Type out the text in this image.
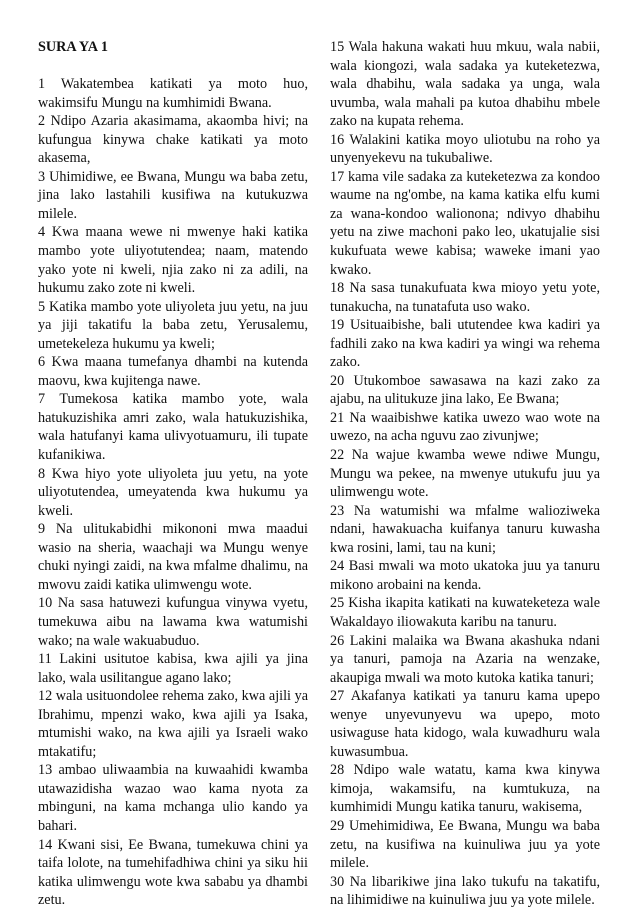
SURA YA 1

1 Wakatembea katikati ya moto huo, wakimsifu Mungu na kumhimidi Bwana.

2 Ndipo Azaria akasimama, akaomba hivi; na kufungua kinywa chake katikati ya moto akasema,

3 Uhimidiwe, ee Bwana, Mungu wa baba zetu, jina lako lastahili kusifiwa na kutukuzwa milele.

4 Kwa maana wewe ni mwenye haki katika mambo yote uliyotutendea; naam, matendo yako yote ni kweli, njia zako ni za adili, na hukumu zako zote ni kweli.

5 Katika mambo yote uliyoleta juu yetu, na juu ya jiji takatifu la baba zetu, Yerusalemu, umetekeleza hukumu ya kweli;

6 Kwa maana tumefanya dhambi na kutenda maovu, kwa kujitenga nawe.

7 Tumekosa katika mambo yote, wala hatukuzishika amri zako, wala hatukuzishika, wala hatufanyi kama ulivyotuamuru, ili tupate kufanikiwa.

8 Kwa hiyo yote uliyoleta juu yetu, na yote uliyotutendea, umeyatenda kwa hukumu ya kweli.

9 Na ulitukabidhi mikononi mwa maadui wasio na sheria, waachaji wa Mungu wenye chuki nyingi zaidi, na kwa mfalme dhalimu, na mwovu zaidi katika ulimwengu wote.

10 Na sasa hatuwezi kufungua vinywa vyetu, tumekuwa aibu na lawama kwa watumishi wako; na wale wakuabuduo.

11 Lakini usitutoe kabisa, kwa ajili ya jina lako, wala usilitangue agano lako;

12 wala usituondolee rehema zako, kwa ajili ya Ibrahimu, mpenzi wako, kwa ajili ya Isaka, mtumishi wako, na kwa ajili ya Israeli wako mtakatifu;

13 ambao uliwaambia na kuwaahidi kwamba utawazidisha wazao wao kama nyota za mbinguni, na kama mchanga ulio kando ya bahari.

14 Kwani sisi, Ee Bwana, tumekuwa chini ya taifa lolote, na tumehifadhiwa chini ya siku hii katika ulimwengu wote kwa sababu ya dhambi zetu.

15 Wala hakuna wakati huu mkuu, wala nabii, wala kiongozi, wala sadaka ya kuteketezwa, wala dhabihu, wala sadaka ya unga, wala uvumba, wala mahali pa kutoa dhabihu mbele zako na kupata rehema.

16 Walakini katika moyo uliotubu na roho ya unyenyekevu na tukubaliwe.

17 kama vile sadaka za kuteketezwa za kondoo waume na ng'ombe, na kama katika elfu kumi za wana-kondoo walionona; ndivyo dhabihu yetu na ziwe machoni pako leo, ukatujalie sisi kukufuata wewe kabisa; waweke imani yao kwako.

18 Na sasa tunakufuata kwa mioyo yetu yote, tunakucha, na tunatafuta uso wako.

19 Usituaibishe, bali ututendee kwa kadiri ya fadhili zako na kwa kadiri ya wingi wa rehema zako.

20 Utukomboe sawasawa na kazi zako za ajabu, na ulitukuze jina lako, Ee Bwana;

21 Na waaibishwe katika uwezo wao wote na uwezo, na acha nguvu zao zivunjwe;

22 Na wajue kwamba wewe ndiwe Mungu, Mungu wa pekee, na mwenye utukufu juu ya ulimwengu wote.

23 Na watumishi wa mfalme walioziweka ndani, hawakuacha kuifanya tanuru kuwasha kwa rosini, lami, tau na kuni;

24 Basi mwali wa moto ukatoka juu ya tanuru mikono arobaini na kenda.

25 Kisha ikapita katikati na kuwateketeza wale Wakaldayo iliowakuta karibu na tanuru.

26 Lakini malaika wa Bwana akashuka ndani ya tanuri, pamoja na Azaria na wenzake, akaupiga mwali wa moto kutoka katika tanuri;

27 Akafanya katikati ya tanuru kama upepo wenye unyevunyevu wa upepo, moto usiwaguse hata kidogo, wala kuwadhuru wala kuwasumbua.

28 Ndipo wale watatu, kama kwa kinywa kimoja, wakamsifu, na kumtukuza, na kumhimidi Mungu katika tanuru, wakisema,

29 Umehimidiwa, Ee Bwana, Mungu wa baba zetu, na kusifiwa na kuinuliwa juu ya yote milele.

30 Na libarikiwe jina lako tukufu na takatifu, na lihimidiwe na kuinuliwa juu ya yote milele.
